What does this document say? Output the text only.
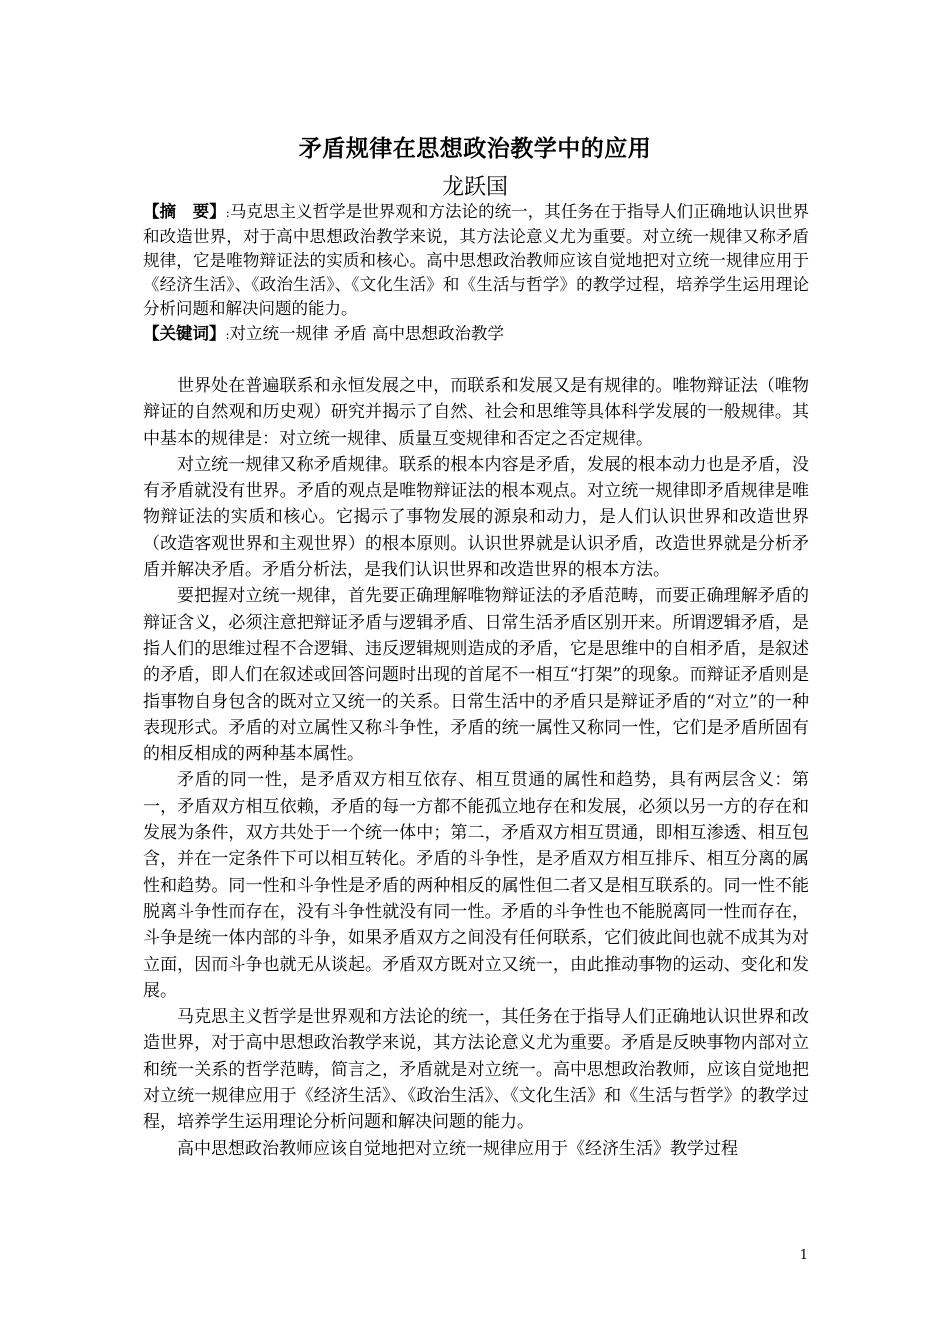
矛盾规律在思想政治教学中的应用
龙跃国
【摘　要】:马克思主义哲学是世界观和方法论的统一，其任务在于指导人们正确地认识世界和改造世界，对于高中思想政治教学来说，其方法论意义尤为重要。对立统一规律又称矛盾规律，它是唯物辩证法的实质和核心。高中思想政治教师应该自觉地把对立统一规律应用于《经济生活》、《政治生活》、《文化生活》和《生活与哲学》的教学过程，培养学生运用理论分析问题和解决问题的能力。
【关键词】:对立统一规律 矛盾 高中思想政治教学

世界处在普遍联系和永恒发展之中，而联系和发展又是有规律的。唯物辩证法（唯物辩证的自然观和历史观）研究并揭示了自然、社会和思维等具体科学发展的一般规律。其中基本的规律是：对立统一规律、质量互变规律和否定之否定规律。

对立统一规律又称矛盾规律。联系的根本内容是矛盾，发展的根本动力也是矛盾，没有矛盾就没有世界。矛盾的观点是唯物辩证法的根本观点。对立统一规律即矛盾规律是唯物辩证法的实质和核心。它揭示了事物发展的源泉和动力，是人们认识世界和改造世界（改造客观世界和主观世界）的根本原则。认识世界就是认识矛盾，改造世界就是分析矛盾并解决矛盾。矛盾分析法，是我们认识世界和改造世界的根本方法。

要把握对立统一规律，首先要正确理解唯物辩证法的矛盾范畴，而要正确理解矛盾的辩证含义，必须注意把辩证矛盾与逻辑矛盾、日常生活矛盾区别开来。所谓逻辑矛盾，是指人们的思维过程不合逻辑、违反逻辑规则造成的矛盾，它是思维中的自相矛盾，是叙述的矛盾，即人们在叙述或回答问题时出现的首尾不一相互“打架”的现象。而辩证矛盾则是指事物自身包含的既对立又统一的关系。日常生活中的矛盾只是辩证矛盾的“对立”的一种表现形式。矛盾的对立属性又称斗争性，矛盾的统一属性又称同一性，它们是矛盾所固有的相反相成的两种基本属性。

矛盾的同一性，是矛盾双方相互依存、相互贯通的属性和趋势，具有两层含义：第一，矛盾双方相互依赖，矛盾的每一方都不能孤立地存在和发展，必须以另一方的存在和发展为条件，双方共处于一个统一体中；第二，矛盾双方相互贯通，即相互渗透、相互包含，并在一定条件下可以相互转化。矛盾的斗争性，是矛盾双方相互排斥、相互分离的属性和趋势。同一性和斗争性是矛盾的两种相反的属性但二者又是相互联系的。同一性不能脱离斗争性而存在，没有斗争性就没有同一性。矛盾的斗争性也不能脱离同一性而存在，斗争是统一体内部的斗争，如果矛盾双方之间没有任何联系，它们彼此间也就不成其为对立面，因而斗争也就无从谈起。矛盾双方既对立又统一，由此推动事物的运动、变化和发展。

马克思主义哲学是世界观和方法论的统一，其任务在于指导人们正确地认识世界和改造世界，对于高中思想政治教学来说，其方法论意义尤为重要。矛盾是反映事物内部对立和统一关系的哲学范畴，简言之，矛盾就是对立统一。高中思想政治教师，应该自觉地把对立统一规律应用于《经济生活》、《政治生活》、《文化生活》和《生活与哲学》的教学过程，培养学生运用理论分析问题和解决问题的能力。

高中思想政治教师应该自觉地把对立统一规律应用于《经济生活》教学过程

1
